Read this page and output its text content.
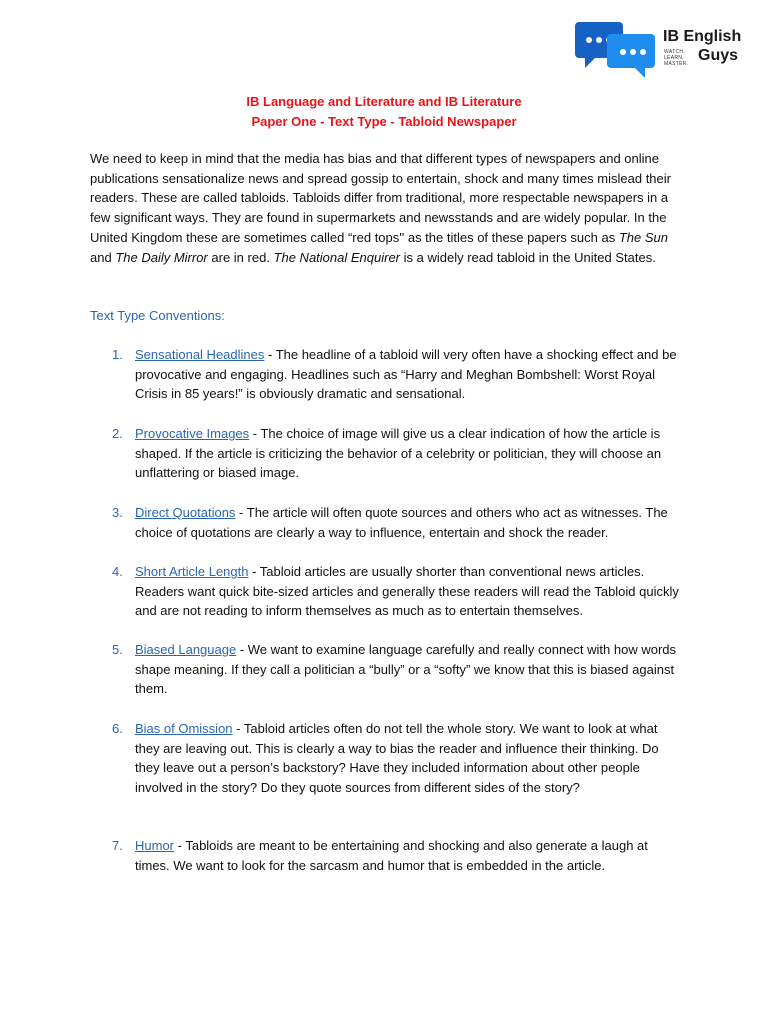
IB English
WATCH.
LEARN.
MASTER. Guys
IB Language and Literature and IB Literature
Paper One - Text Type - Tabloid Newspaper

We need to keep in mind that the media has bias and that different types of newspapers and online publications sensationalize news and spread gossip to entertain, shock and many times mislead their readers. These are called tabloids. Tabloids differ from traditional, more respectable newspapers in a few significant ways. They are found in supermarkets and newsstands and are widely popular. In the United Kingdom these are sometimes called “red tops'' as the titles of these papers such as The Sun and The Daily Mirror are in red. The National Enquirer is a widely read tabloid in the United States.

Text Type Conventions:

1. Sensational Headlines - The headline of a tabloid will very often have a shocking effect and be provocative and engaging. Headlines such as “Harry and Meghan Bombshell: Worst Royal Crisis in 85 years!” is obviously dramatic and sensational.
2. Provocative Images - The choice of image will give us a clear indication of how the article is shaped. If the article is criticizing the behavior of a celebrity or politician, they will choose an unflattering or biased image.
3. Direct Quotations - The article will often quote sources and others who act as witnesses. The choice of quotations are clearly a way to influence, entertain and shock the reader.
4. Short Article Length - Tabloid articles are usually shorter than conventional news articles. Readers want quick bite-sized articles and generally these readers will read the Tabloid quickly and are not reading to inform themselves as much as to entertain themselves.
5. Biased Language - We want to examine language carefully and really connect with how words shape meaning. If they call a politician a “bully” or a “softy” we know that this is biased against them.
6. Bias of Omission - Tabloid articles often do not tell the whole story. We want to look at what they are leaving out. This is clearly a way to bias the reader and influence their thinking. Do they leave out a person’s backstory? Have they included information about other people involved in the story? Do they quote sources from different sides of the story?
7. Humor - Tabloids are meant to be entertaining and shocking and also generate a laugh at times. We want to look for the sarcasm and humor that is embedded in the article.
